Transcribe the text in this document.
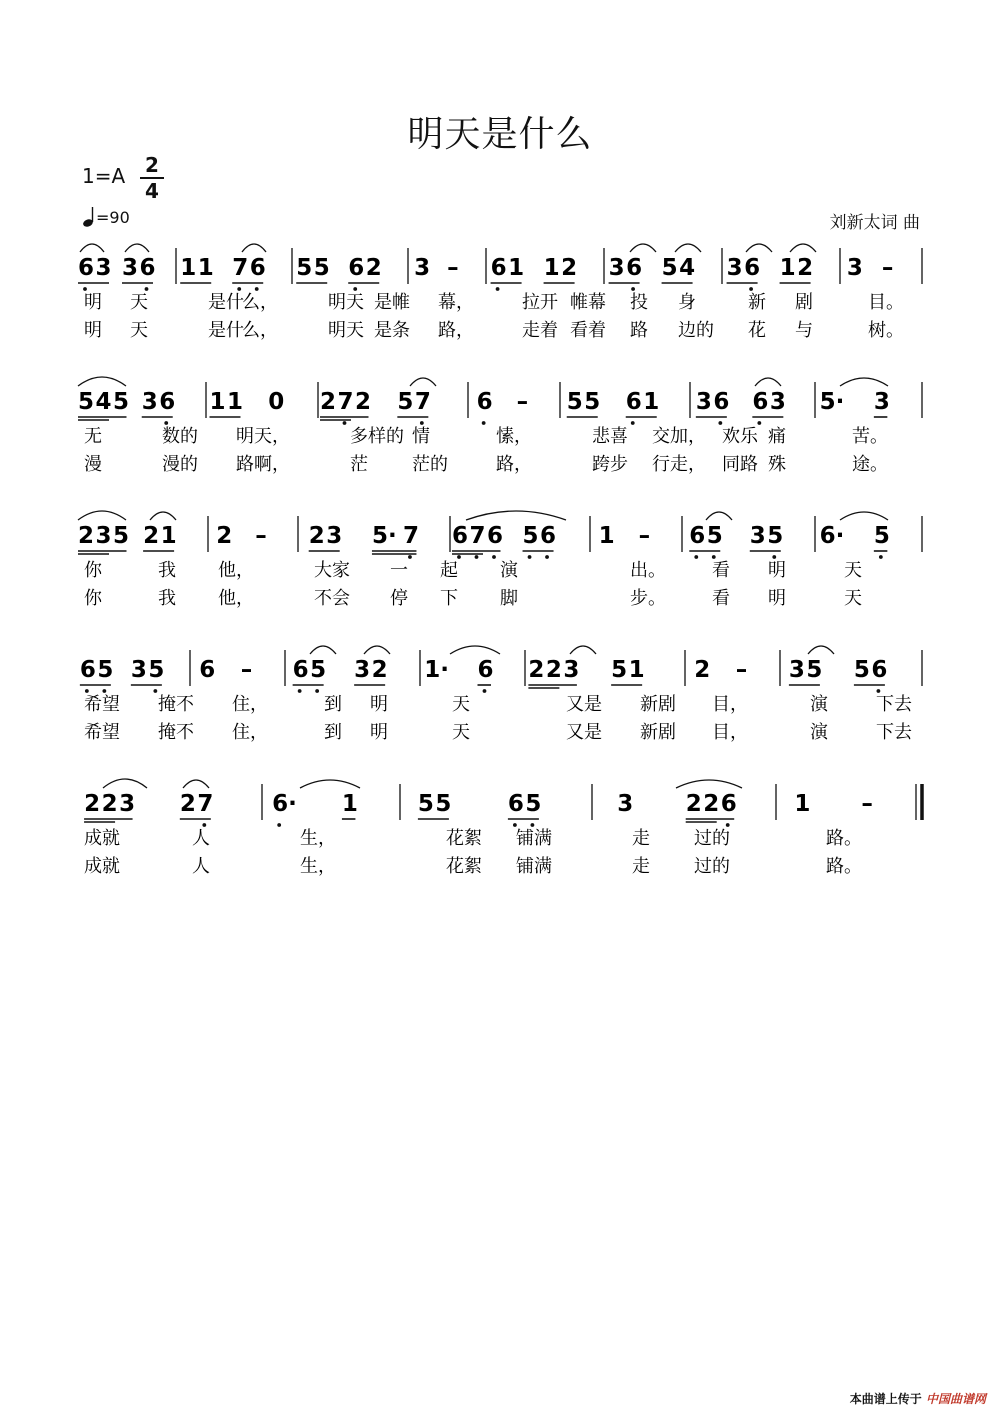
明天是什么
1=A 2
4
=90	刘新太词 曲
6 3 3 6 1 1 7 6 5 5 6 2 3 – 6 1 1 2 3 6 5 4 3 6 1 2 3 –
明 天	是什
么，	明天 是帷 幕，	拉开 帷幕 投 身	新 剧	目。
明 天	是什
么，	明天 是条 路，	走着 看着 路 边的 花 与	树。
5 4 5 3 6 1 1 0 2 7 2 5 7 6 – 5 5 6 1 3 6 6 3 5· 3
无	数的 明天，	多样的 情	愫，	悲喜 交加， 欢乐 痛	苦。
漫	漫的 路啊，	茫 茫的	路，	跨步 行走， 同路 殊	途。
2 3 5 2 1 2 – 2 3 5· 7 6 7 6 5 6 1 – 6 5 3 5 6· 5
你	我 他，	大家 一 起 演	出。	看 明	天
你	我 他，	不会 停 下 脚	步。	看 明	天
6 5 3 5 6 – 6 5 3 2 1· 6 2 2 3 5 1 2 – 3 5 5 6
希望 掩不 住，	到 明	天	又是 新剧 目，	演	下去
希望 掩不 住，	到 明	天	又是 新剧 目，	演	下去
2 2 3 2 7	6· 1	5 5 6 5	3 2 2 6	1 –
成就	人	生，	花絮 铺满	走 过的	路。
成就	人	生，	花絮 铺满	走 过的	路。
本曲谱上传于 中国曲谱网
